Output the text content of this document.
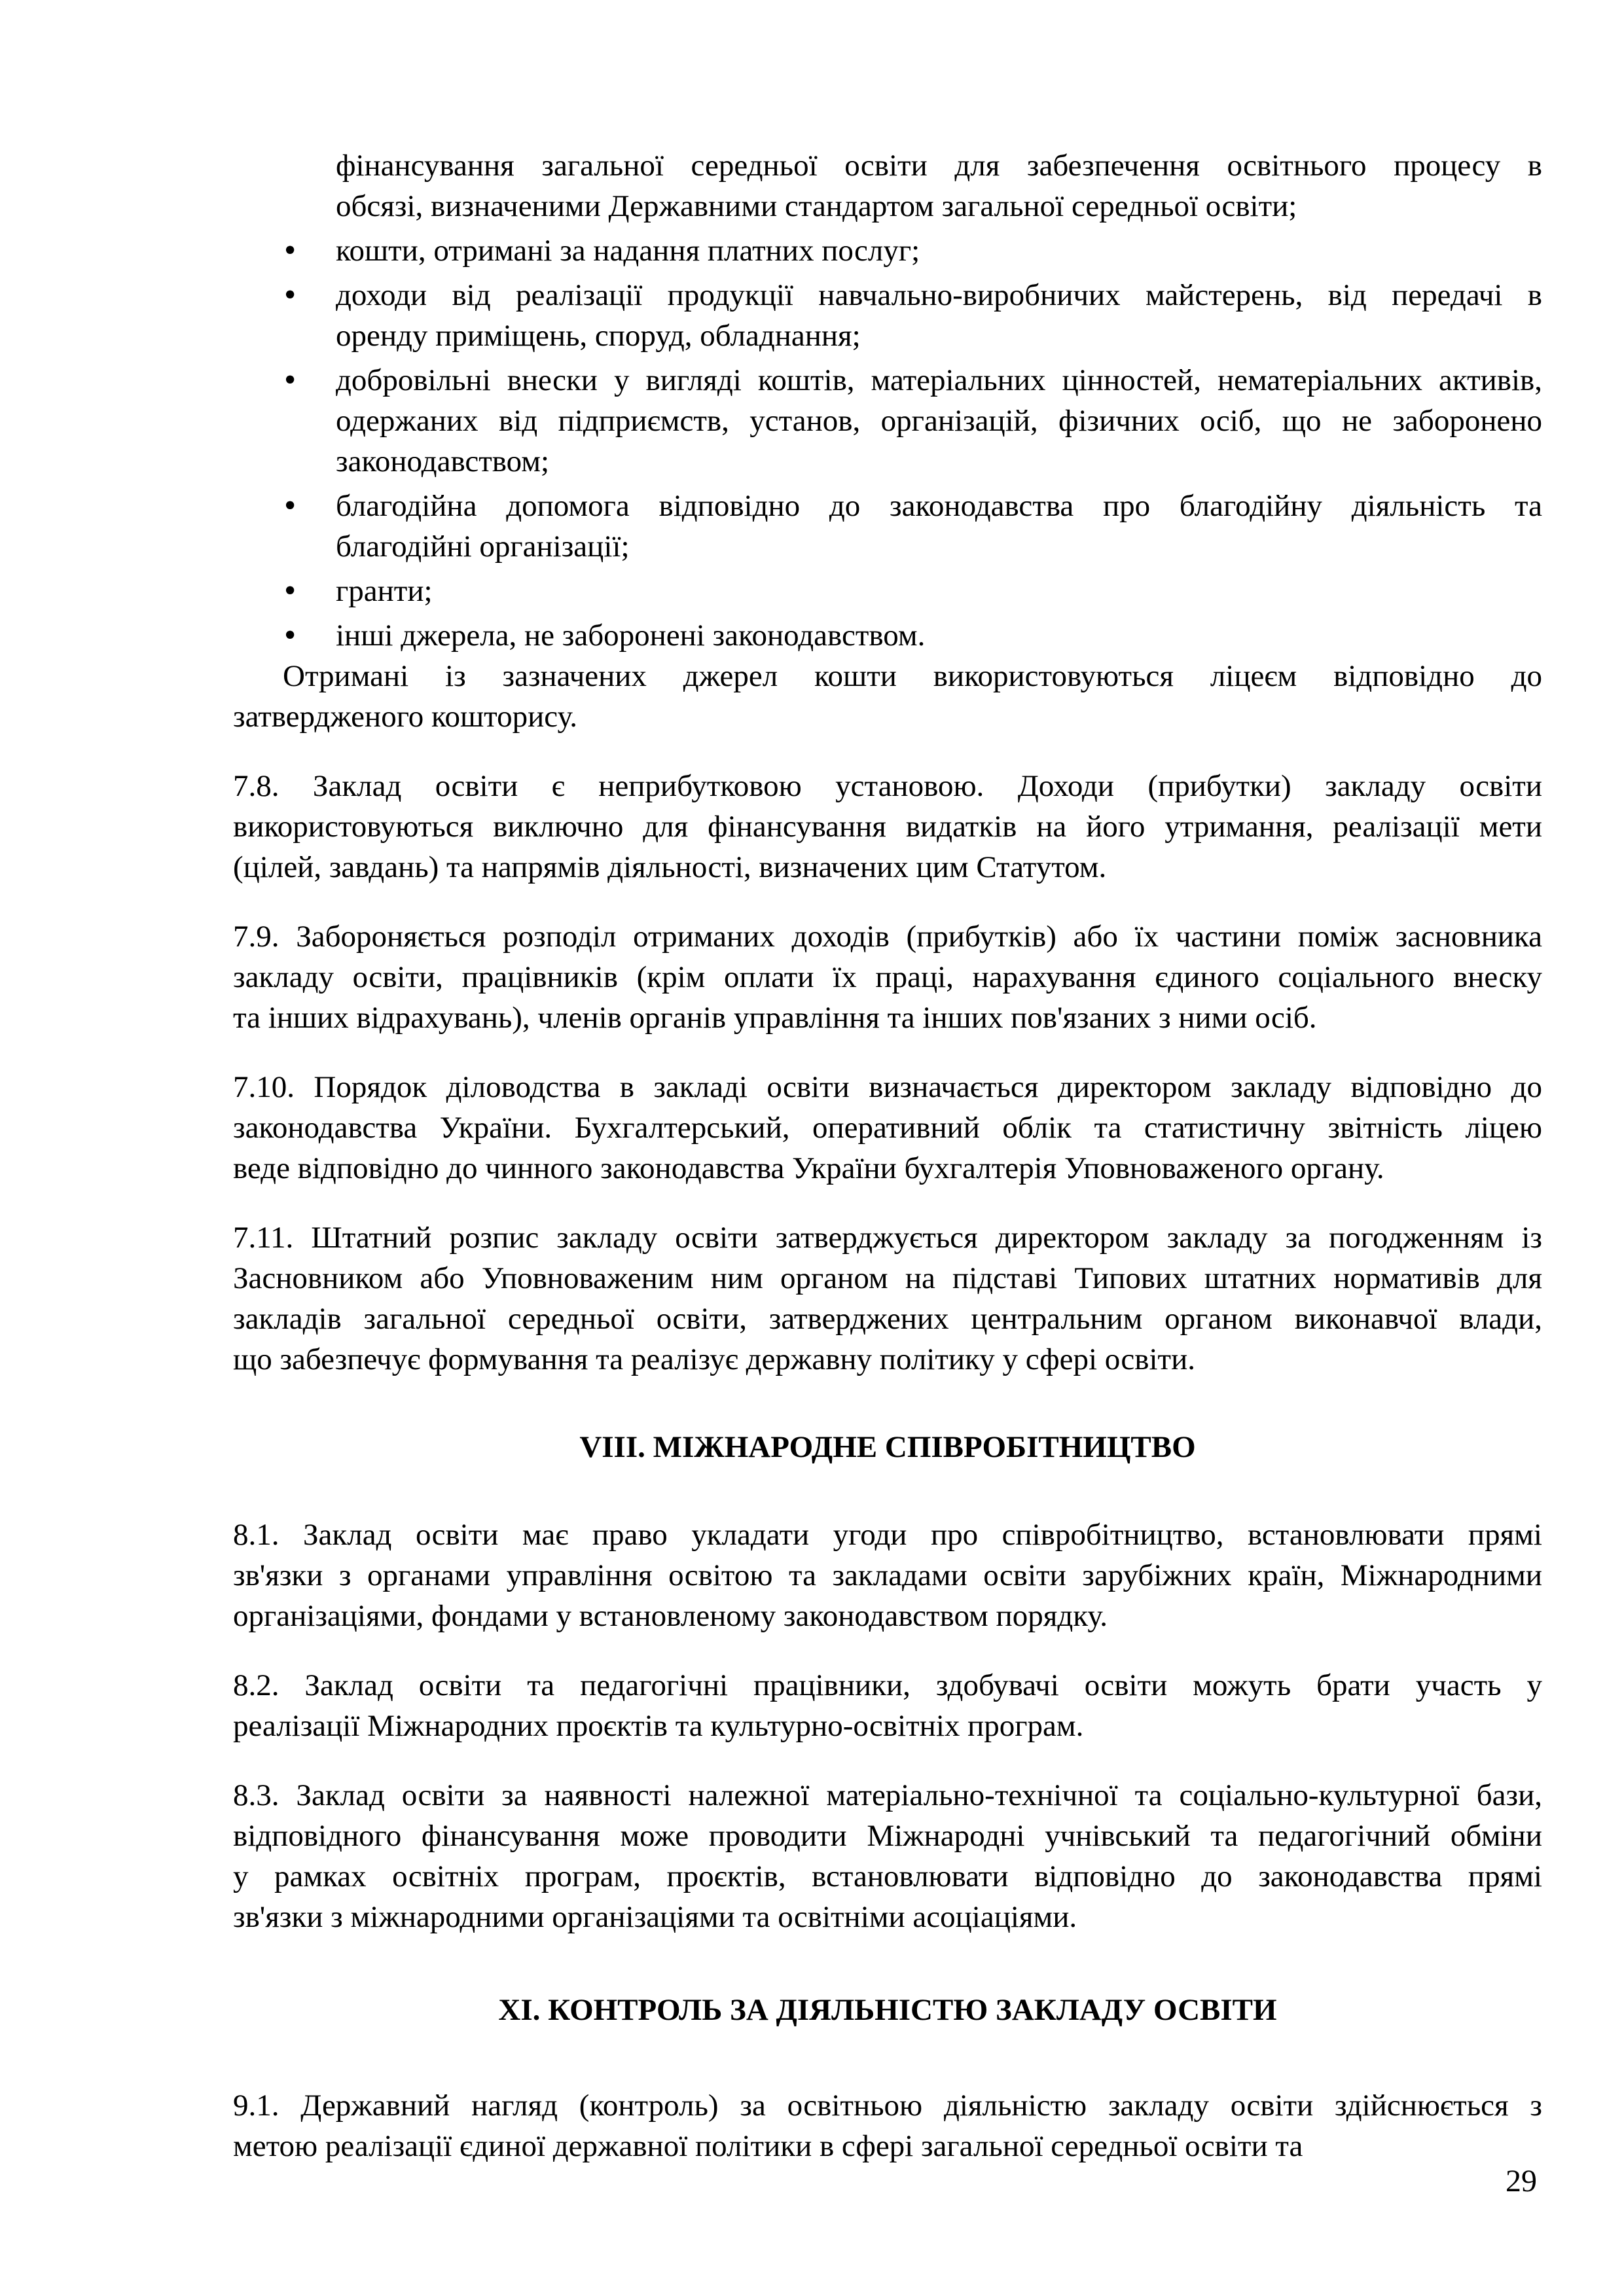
фінансування загальної середньої освіти для забезпечення освітнього процесу в
обсязі, визначеними Державними стандартом загальної середньої освіти;
•	кошти, отримані за надання платних послуг;
•	доходи від реалізації продукції навчально-виробничих майстерень, від передачі в
оренду приміщень, споруд, обладнання;
•	добровільні внески у вигляді коштів, матеріальних цінностей, нематеріальних активів,
одержаних від підприємств, установ, організацій, фізичних осіб, що не заборонено
законодавством;
•	благодійна допомога відповідно до законодавства про благодійну діяльність та
благодійні організації;
•	гранти;
•	інші джерела, не заборонені законодавством.
Отримані із зазначених джерел кошти використовуються ліцеєм відповідно до
затвердженого кошторису.
7.8. Заклад освіти є неприбутковою установою. Доходи (прибутки) закладу освіти
використовуються виключно для фінансування видатків на його утримання, реалізації мети
(цілей, завдань) та напрямів діяльності, визначених цим Статутом.
7.9. Забороняється розподіл отриманих доходів (прибутків) або їх частини поміж засновника
закладу освіти, працівників (крім оплати їх праці, нарахування єдиного соціального внеску
та інших відрахувань), членів органів управління та інших пов'язаних з ними осіб.
7.10. Порядок діловодства в закладі освіти визначається директором закладу відповідно до
законодавства України. Бухгалтерський, оперативний облік та статистичну звітність ліцею
веде відповідно до чинного законодавства України бухгалтерія Уповноваженого органу.
7.11. Штатний розпис закладу освіти затверджується директором закладу за погодженням із
Засновником або Уповноваженим ним органом на підставі Типових штатних нормативів для
закладів загальної середньої освіти, затверджених центральним органом виконавчої влади,
що забезпечує формування та реалізує державну політику у сфері освіти.
VIII. МІЖНАРОДНЕ СПІВРОБІТНИЦТВО
8.1. Заклад освіти має право укладати угоди про співробітництво, встановлювати прямі
зв'язки з органами управління освітою та закладами освіти зарубіжних країн, Міжнародними
організаціями, фондами у встановленому законодавством порядку.
8.2. Заклад освіти та педагогічні працівники, здобувачі освіти можуть брати участь у
реалізації Міжнародних проєктів та культурно-освітніх програм.
8.3. Заклад освіти за наявності належної матеріально-технічної та соціально-культурної бази,
відповідного фінансування може проводити Міжнародні учнівський та педагогічний обміни
у рамках освітніх програм, проєктів, встановлювати відповідно до законодавства прямі
зв'язки з міжнародними організаціями та освітніми асоціаціями.
XI. КОНТРОЛЬ ЗА ДІЯЛЬНІСТЮ ЗАКЛАДУ ОСВІТИ
9.1. Державний нагляд (контроль) за освітньою діяльністю закладу освіти здійснюється з
метою реалізації єдиної державної політики в сфері загальної середньої освіти та
29
